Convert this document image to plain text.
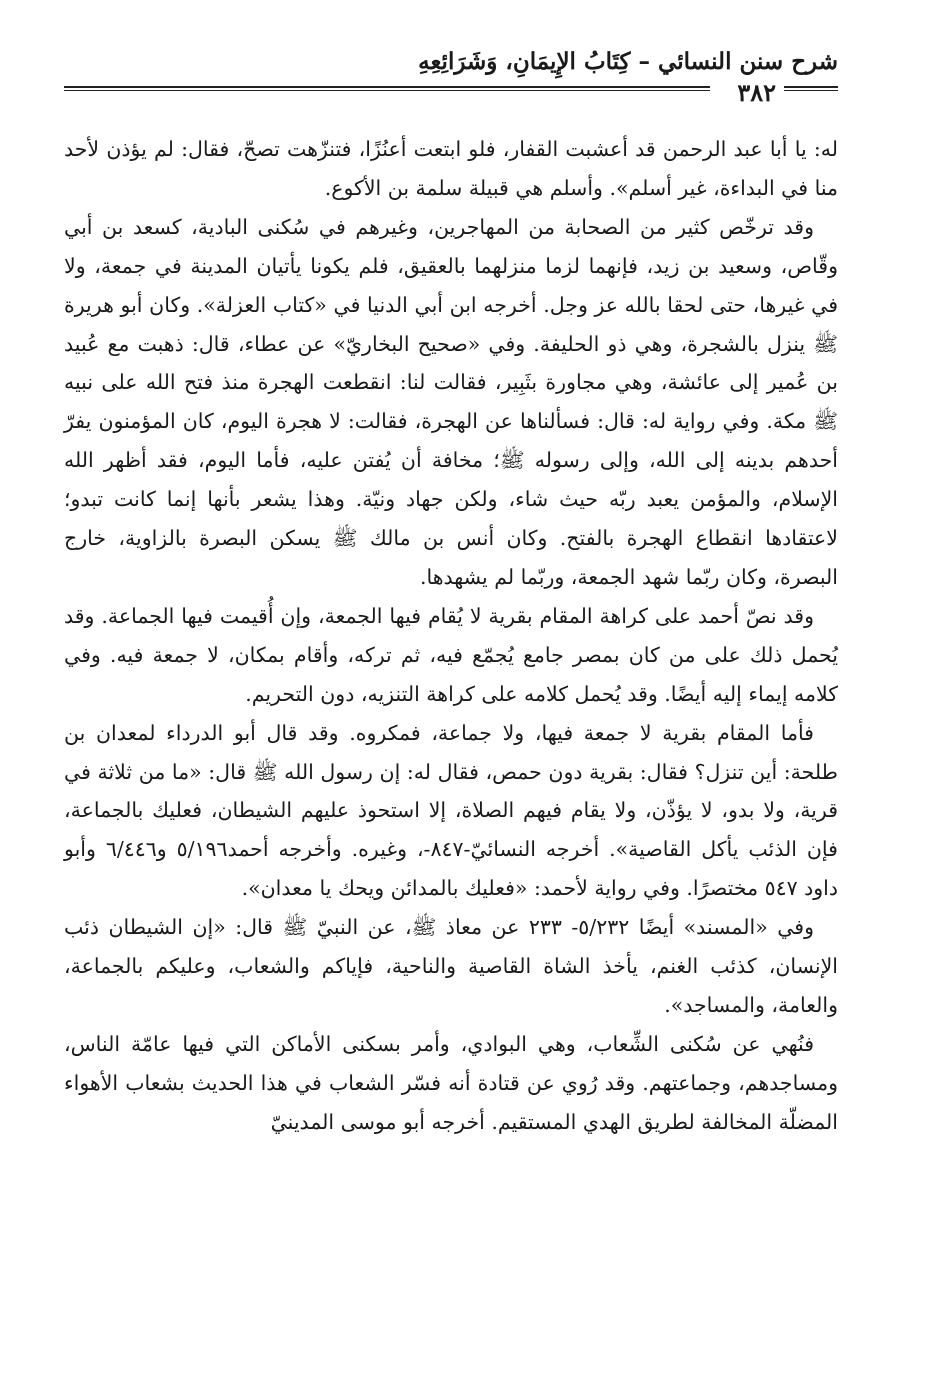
شرح سنن النسائي – كِتَابُ الإِيمَانِ، وَشَرَائِعِهِ
٣٨٢

له: يا أبا عبد الرحمن قد أعشبت القفار، فلو ابتعت أعنُزًا، فتنزّهت تصحّ، فقال: لم يؤذن لأحد منا في البداءة، غير أسلم». وأسلم هي قبيلة سلمة بن الأكوع.

وقد ترخّص كثير من الصحابة من المهاجرين، وغيرهم في سُكنى البادية، كسعد بن أبي وقّاص، وسعيد بن زيد، فإنهما لزما منزلهما بالعقيق، فلم يكونا يأتيان المدينة في جمعة، ولا في غيرها، حتى لحقا بالله عز وجل. أخرجه ابن أبي الدنيا في «كتاب العزلة». وكان أبو هريرة ﷺ ينزل بالشجرة، وهي ذو الحليفة. وفي «صحيح البخاريّ» عن عطاء، قال: ذهبت مع عُبيد بن عُمير إلى عائشة، وهي مجاورة بثَبِير، فقالت لنا: انقطعت الهجرة منذ فتح الله على نبيه ﷺ مكة. وفي رواية له: قال: فسألناها عن الهجرة، فقالت: لا هجرة اليوم، كان المؤمنون يفرّ أحدهم بدينه إلى الله، وإلى رسوله ﷺ؛ مخافة أن يُفتن عليه، فأما اليوم، فقد أظهر الله الإسلام، والمؤمن يعبد ربّه حيث شاء، ولكن جهاد ونيّة. وهذا يشعر بأنها إنما كانت تبدو؛ لاعتقادها انقطاع الهجرة بالفتح. وكان أنس بن مالك ﷺ يسكن البصرة بالزاوية، خارج البصرة، وكان ربّما شهد الجمعة، وربّما لم يشهدها.

وقد نصّ أحمد على كراهة المقام بقرية لا يُقام فيها الجمعة، وإن أُقيمت فيها الجماعة. وقد يُحمل ذلك على من كان بمصر جامع يُجمّع فيه، ثم تركه، وأقام بمكان، لا جمعة فيه. وفي كلامه إيماء إليه أيضًا. وقد يُحمل كلامه على كراهة التنزيه، دون التحريم.

فأما المقام بقرية لا جمعة فيها، ولا جماعة، فمكروه. وقد قال أبو الدرداء لمعدان بن طلحة: أين تنزل؟ فقال: بقرية دون حمص، فقال له: إن رسول الله ﷺ قال: «ما من ثلاثة في قرية، ولا بدو، لا يؤذّن، ولا يقام فيهم الصلاة، إلا استحوذ عليهم الشيطان، فعليك بالجماعة، فإن الذئب يأكل القاصية». أخرجه النسائيّ-٨٤٧-، وغيره. وأخرجه أحمد٥/١٩٦ و٦/٤٤٦ وأبو داود ٥٤٧ مختصرًا. وفي رواية لأحمد: «فعليك بالمدائن ويحك يا معدان».

وفي «المسند» أيضًا ٥/٢٣٢- ٢٣٣ عن معاذ ﷺ، عن النبيّ ﷺ قال: «إن الشيطان ذئب الإنسان، كذئب الغنم، يأخذ الشاة القاصية والناحية، فإياكم والشعاب، وعليكم بالجماعة، والعامة، والمساجد».

فنُهي عن سُكنى الشِّعاب، وهي البوادي، وأمر بسكنى الأماكن التي فيها عامّة الناس، ومساجدهم، وجماعتهم. وقد رُوي عن قتادة أنه فسّر الشعاب في هذا الحديث بشعاب الأهواء المضلّة المخالفة لطريق الهدي المستقيم. أخرجه أبو موسى المدينيّ
